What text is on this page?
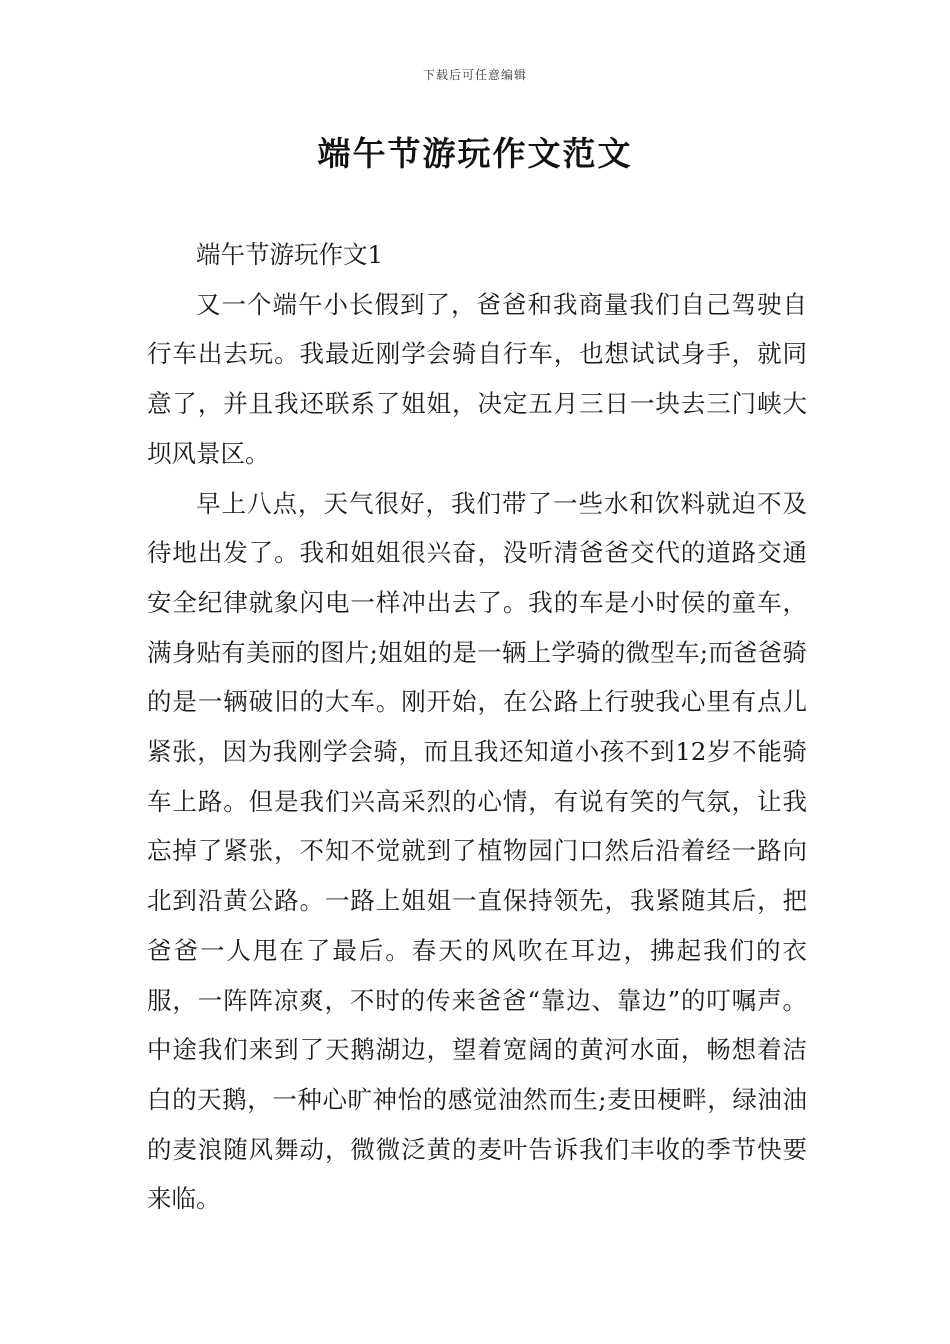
下载后可任意编辑
端午节游玩作文范文
端午节游玩作文1

又一个端午小长假到了，爸爸和我商量我们自己驾驶自行车出去玩。我最近刚学会骑自行车，也想试试身手，就同意了，并且我还联系了姐姐，决定五月三日一块去三门峡大坝风景区。

早上八点，天气很好，我们带了一些水和饮料就迫不及待地出发了。我和姐姐很兴奋，没听清爸爸交代的道路交通安全纪律就象闪电一样冲出去了。我的车是小时侯的童车，满身贴有美丽的图片;姐姐的是一辆上学骑的微型车;而爸爸骑的是一辆破旧的大车。刚开始，在公路上行驶我心里有点儿紧张，因为我刚学会骑，而且我还知道小孩不到12岁不能骑车上路。但是我们兴高采烈的心情，有说有笑的气氛，让我忘掉了紧张，不知不觉就到了植物园门口然后沿着经一路向北到沿黄公路。一路上姐姐一直保持领先，我紧随其后，把爸爸一人甩在了最后。春天的风吹在耳边，拂起我们的衣服，一阵阵凉爽，不时的传来爸爸“靠边、靠边”的叮嘱声。中途我们来到了天鹅湖边，望着宽阔的黄河水面，畅想着洁白的天鹅，一种心旷神怡的感觉油然而生;麦田梗畔，绿油油的麦浪随风舞动，微微泛黄的麦叶告诉我们丰收的季节快要来临。
